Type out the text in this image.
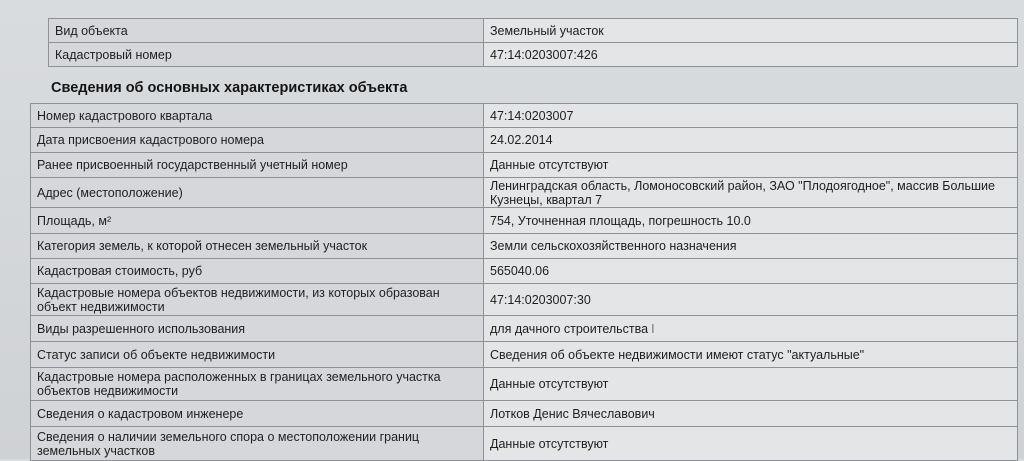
Вид объекта	Земельный участок
Кадастровый номер	47:14:0203007:426
Сведения об основных характеристиках объекта
Номер кадастрового квартала	47:14:0203007
Дата присвоения кадастрового номера	24.02.2014
Ранее присвоенный государственный учетный номер	Данные отсутствуют
Адрес (местоположение)	Ленинградская область, Ломоносовский район, ЗАО "Плодоягодное", массив Большие Кузнецы, квартал 7
Площадь, м²	754, Уточненная площадь, погрешность 10.0
Категория земель, к которой отнесен земельный участок	Земли сельскохозяйственного назначения
Кадастровая стоимость, руб	565040.06
Кадастровые номера объектов недвижимости, из которых образован объект недвижимости	47:14:0203007:30
Виды разрешенного использования	для дачного строительства I
Статус записи об объекте недвижимости	Сведения об объекте недвижимости имеют статус "актуальные"
Кадастровые номера расположенных в границах земельного участка объектов недвижимости	Данные отсутствуют
Сведения о кадастровом инженере	Лотков Денис Вячеславович
Сведения о наличии земельного спора о местоположении границ земельных участков	Данные отсутствуют
